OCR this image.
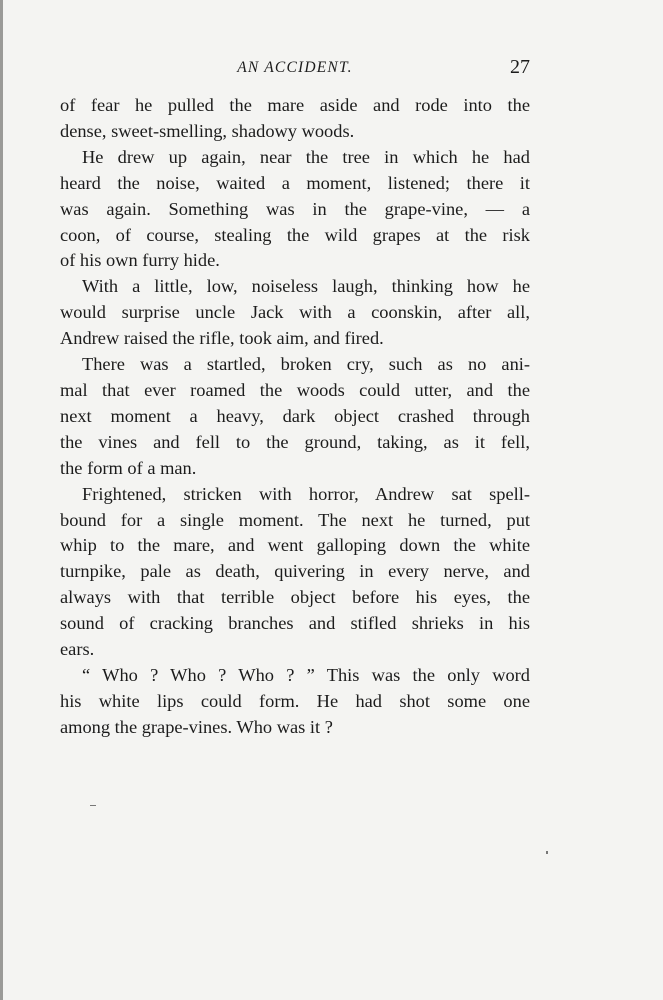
AN ACCIDENT.	27

of fear he pulled the mare aside and rode into the
dense, sweet-smelling, shadowy woods.

He drew up again, near the tree in which he had
heard the noise, waited a moment, listened; there it
was again. Something was in the grape-vine, — a
coon, of course, stealing the wild grapes at the risk
of his own furry hide.

With a little, low, noiseless laugh, thinking how he
would surprise uncle Jack with a coonskin, after all,
Andrew raised the rifle, took aim, and fired.

There was a startled, broken cry, such as no ani-
mal that ever roamed the woods could utter, and the
next moment a heavy, dark object crashed through
the vines and fell to the ground, taking, as it fell,
the form of a man.

Frightened, stricken with horror, Andrew sat spell-
bound for a single moment. The next he turned, put
whip to the mare, and went galloping down the white
turnpike, pale as death, quivering in every nerve, and
always with that terrible object before his eyes, the
sound of cracking branches and stifled shrieks in his
ears.

“ Who ? Who ? Who ? ” This was the only word
his white lips could form. He had shot some one
among the grape-vines. Who was it ?
